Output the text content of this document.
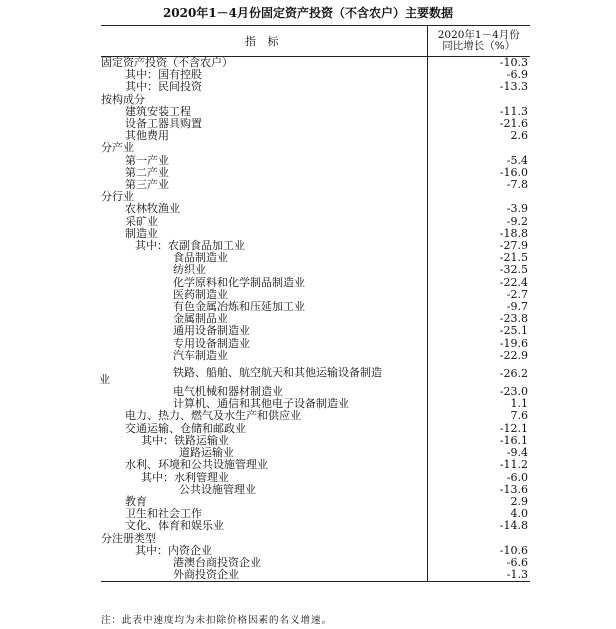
2020年1－4月份固定资产投资（不含农户）主要数据
指 标	2020年1－4月份
同比增长（%）

固定资产投资（不含农户）	-10.3
其中：国有控股	-6.9
其中：民间投资	-13.3
按构成分	
建筑安装工程	-11.3
设备工器具购置	-21.6
其他费用	2.6
分产业	
第一产业	-5.4
第二产业	-16.0
第三产业	-7.8
分行业	
农林牧渔业	-3.9
采矿业	-9.2
制造业	-18.8
其中：农副食品加工业	-27.9
食品制造业	-21.5
纺织业	-32.5
化学原料和化学制品制造业	-22.4
医药制造业	-2.7
有色金属冶炼和压延加工业	-9.7
金属制品业	-23.8
通用设备制造业	-25.1
专用设备制造业	-19.6
汽车制造业	-22.9

铁路、船舶、航空航天和其他运输设备制造
业	-26.2
电气机械和器材制造业	-23.0
计算机、通信和其他电子设备制造业	1.1
电力、热力、燃气及水生产和供应业	7.6
交通运输、仓储和邮政业	-12.1
其中：铁路运输业	-16.1
道路运输业	-9.4
水利、环境和公共设施管理业	-11.2
其中：水利管理业	-6.0
公共设施管理业	-13.6
教育	2.9
卫生和社会工作	4.0
文化、体育和娱乐业	-14.8
分注册类型	
其中：内资企业	-10.6
港澳台商投资企业	-6.6
外商投资企业	-1.3
注：此表中速度均为未扣除价格因素的名义增速。
